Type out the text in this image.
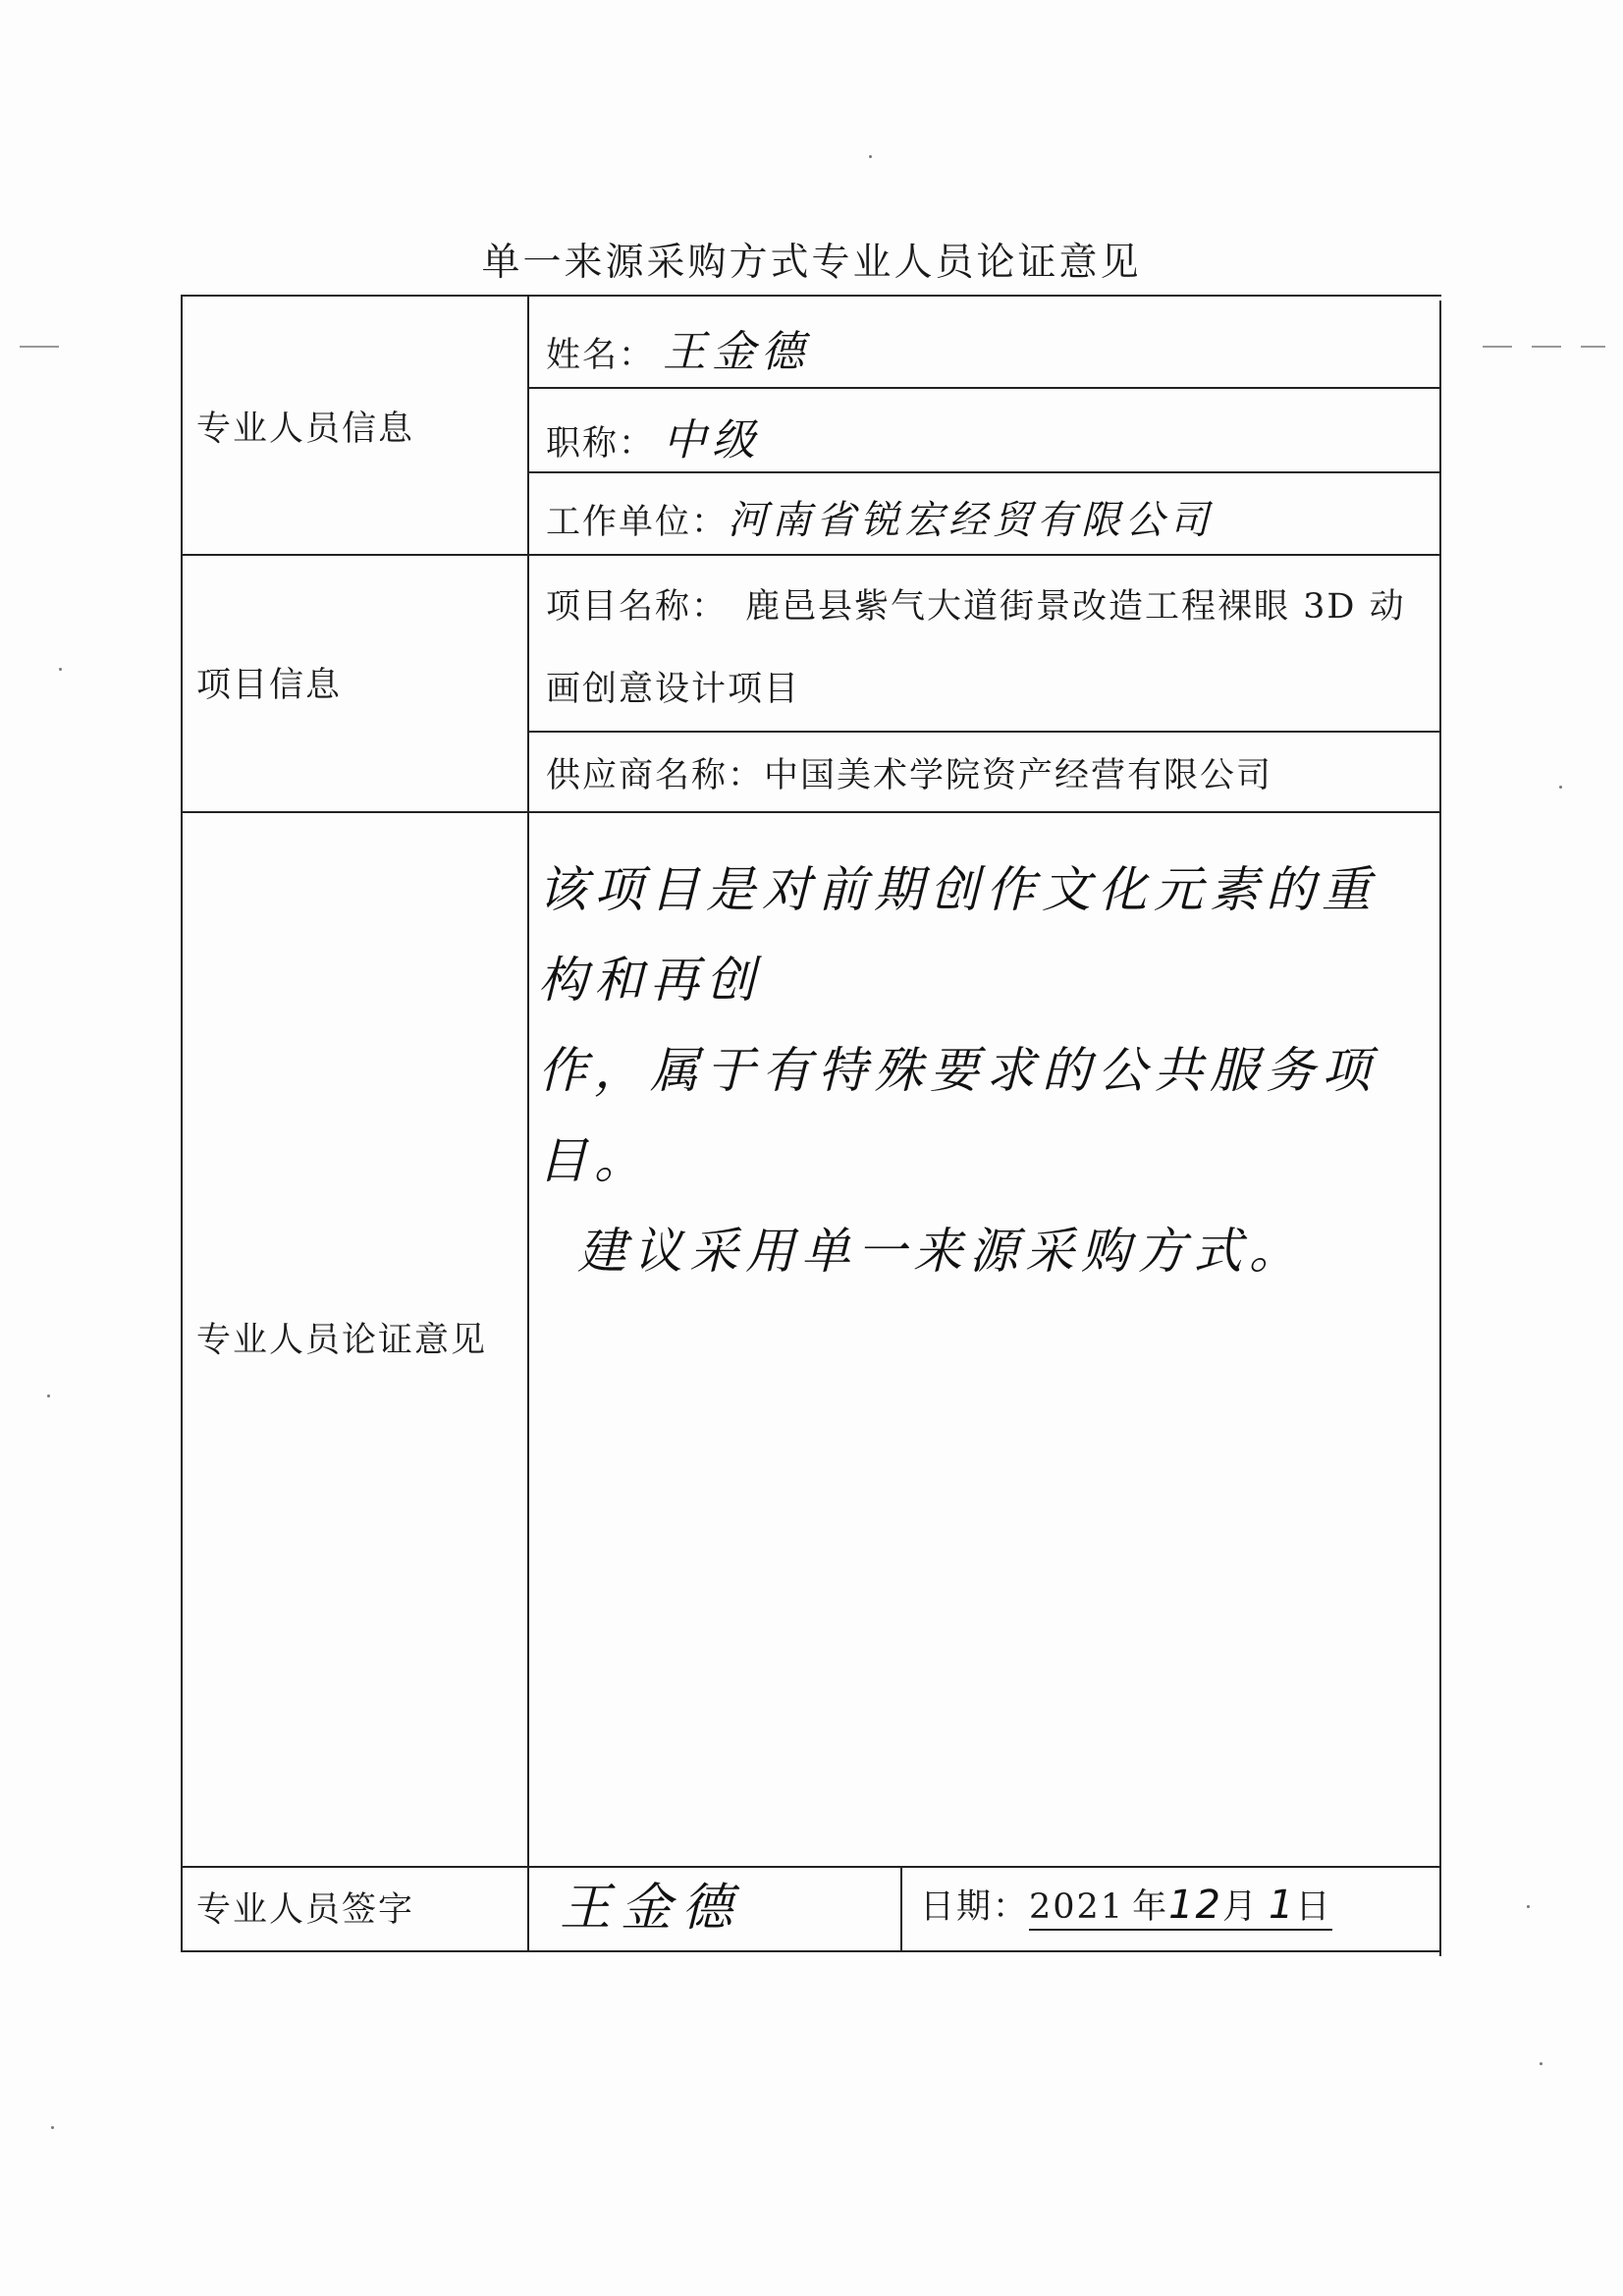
单一来源采购方式专业人员论证意见
专业人员信息
项目信息
专业人员论证意见
专业人员签字
姓名： 王金德
职称： 中级
工作单位：河南省锐宏经贸有限公司
项目名称： 鹿邑县紫气大道街景改造工程裸眼 3D 动
画创意设计项目
供应商名称：中国美术学院资产经营有限公司

该项目是对前期创作文化元素的重构和再创

作，属于有特殊要求的公共服务项目。

建议采用单一来源采购方式。

王金德	日期：2021 年12月 1日
